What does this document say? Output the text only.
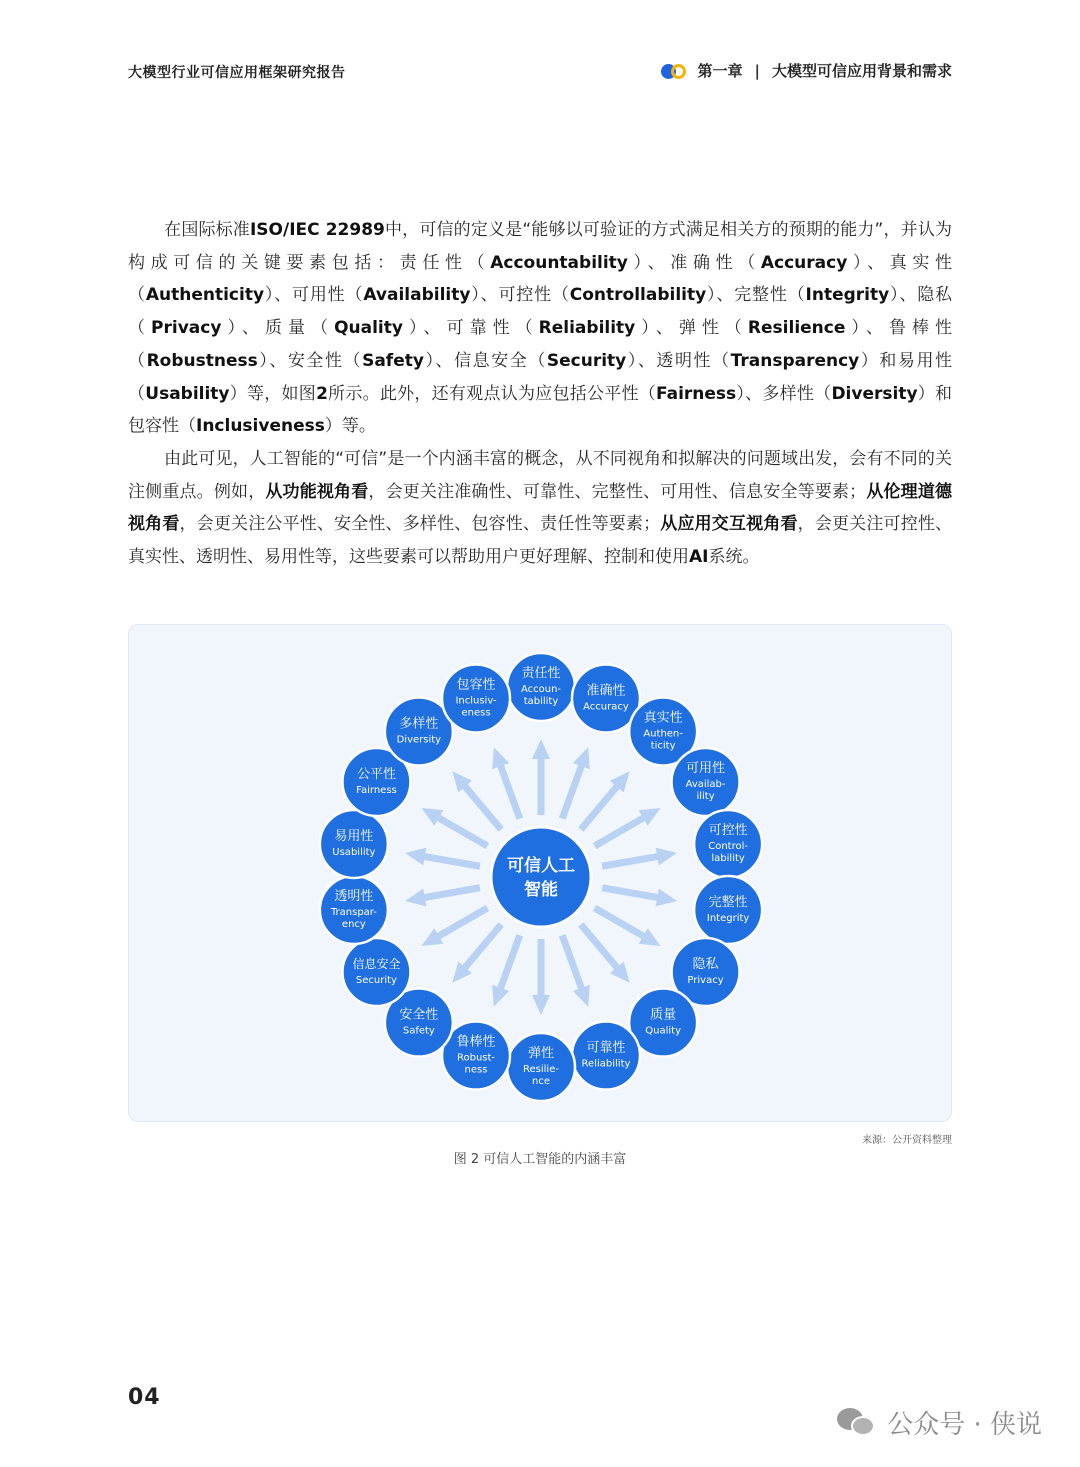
大模型行业可信应用框架研究报告	第一章 | 大模型可信应用背景和需求
在国际标准ISO/IEC 22989中，可信的定义是“能够以可验证的方式满足相关方的预期的能力”，并认为构成可信的关键要素包括：责任性（Accountability）、准确性（Accuracy）、真实性（Authenticity）、可用性（Availability）、可控性（Controllability）、完整性（Integrity）、隐私（Privacy）、质量（Quality）、可靠性（Reliability）、弹性（Resilience）、鲁棒性（Robustness）、安全性（Safety）、信息安全（Security）、透明性（Transparency）和易用性（Usability）等，如图2所示。此外，还有观点认为应包括公平性（Fairness）、多样性（Diversity）和包容性（Inclusiveness）等。
由此可见，人工智能的“可信”是一个内涵丰富的概念，从不同视角和拟解决的问题域出发，会有不同的关注侧重点。例如，从功能视角看，会更关注准确性、可靠性、完整性、可用性、信息安全等要素；从伦理道德视角看，会更关注公平性、安全性、多样性、包容性、责任性等要素；从应用交互视角看，会更关注可控性、真实性、透明性、易用性等，这些要素可以帮助用户更好理解、控制和使用AI系统。
可信人工
智能
责任性
Accoun-
tability
准确性
Accuracy
真实性
Authen-
ticity
可用性
Availab-
ility
可控性
Control-
lability
完整性
Integrity
隐私
Privacy
质量
Quality
可靠性
Reliability
弹性
Resilie-
nce
鲁棒性
Robust-
ness
安全性
Safety
信息安全
Security
透明性
Transpar-
ency
易用性
Usability
公平性
Fairness
多样性
Diversity
包容性
Inclusiv-
eness
来源：公开资料整理
图 2 可信人工智能的内涵丰富
04
公众号 · 侠说
